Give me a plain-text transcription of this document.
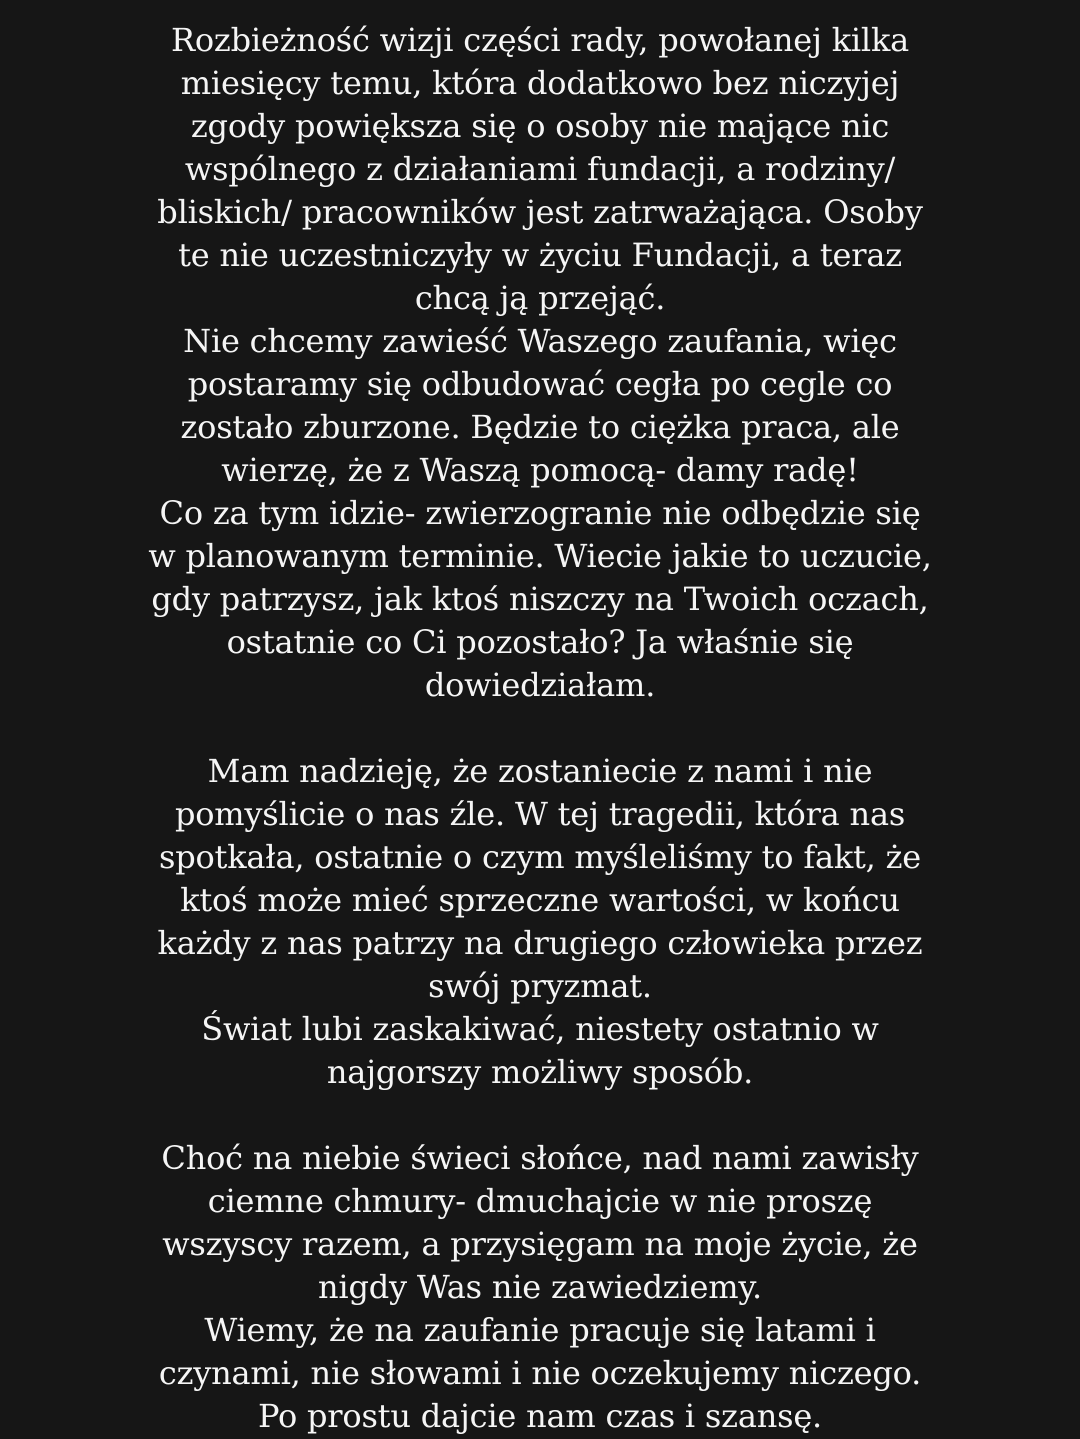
Rozbieżność wizji części rady, powołanej kilka
miesięcy temu, która dodatkowo bez niczyjej
zgody powiększa się o osoby nie mające nic
wspólnego z działaniami fundacji, a rodziny/
bliskich/ pracowników jest zatrważająca. Osoby
te nie uczestniczyły w życiu Fundacji, a teraz
chcą ją przejąć.
Nie chcemy zawieść Waszego zaufania, więc
postaramy się odbudować cegła po cegle co
zostało zburzone. Będzie to ciężka praca, ale
wierzę, że z Waszą pomocą- damy radę!
Co za tym idzie- zwierzogranie nie odbędzie się
w planowanym terminie. Wiecie jakie to uczucie,
gdy patrzysz, jak ktoś niszczy na Twoich oczach,
ostatnie co Ci pozostało? Ja właśnie się
dowiedziałam.
Mam nadzieję, że zostaniecie z nami i nie
pomyślicie o nas źle. W tej tragedii, która nas
spotkała, ostatnie o czym myśleliśmy to fakt, że
ktoś może mieć sprzeczne wartości, w końcu
każdy z nas patrzy na drugiego człowieka przez
swój pryzmat.
Świat lubi zaskakiwać, niestety ostatnio w
najgorszy możliwy sposób.
Choć na niebie świeci słońce, nad nami zawisły
ciemne chmury- dmuchajcie w nie proszę
wszyscy razem, a przysięgam na moje życie, że
nigdy Was nie zawiedziemy.
Wiemy, że na zaufanie pracuje się latami i
czynami, nie słowami i nie oczekujemy niczego.
Po prostu dajcie nam czas i szansę.
